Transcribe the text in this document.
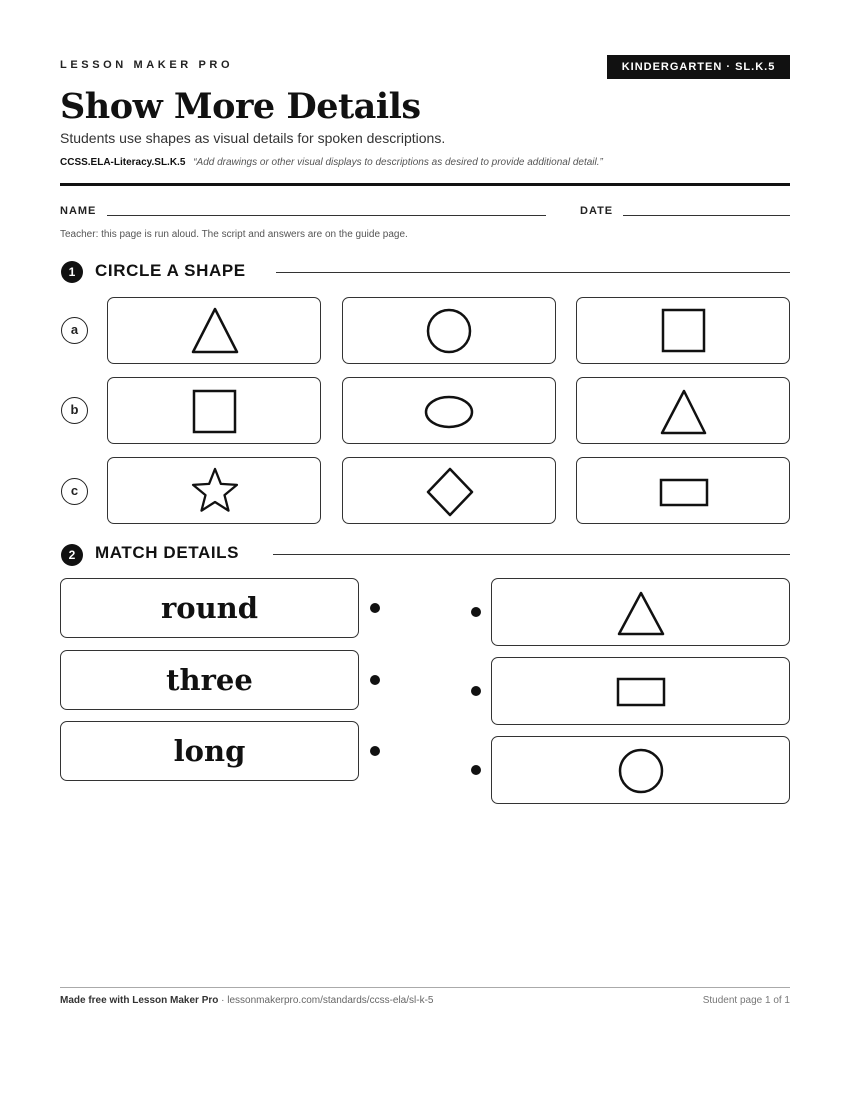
LESSON MAKER PRO	KINDERGARTEN · SL.K.5
Show More Details
Students use shapes as visual details for spoken descriptions.
CCSS.ELA-Literacy.SL.K.5 “Add drawings or other visual displays to descriptions as desired to provide additional detail.”
NAME	DATE
Teacher: this page is run aloud. The script and answers are on the guide page.
1	CIRCLE A SHAPE
a
b
c
2	MATCH DETAILS
round
three
long
Made free with Lesson Maker Pro · lessonmakerpro.com/standards/ccss-ela/sl-k-5	Student page 1 of 1
